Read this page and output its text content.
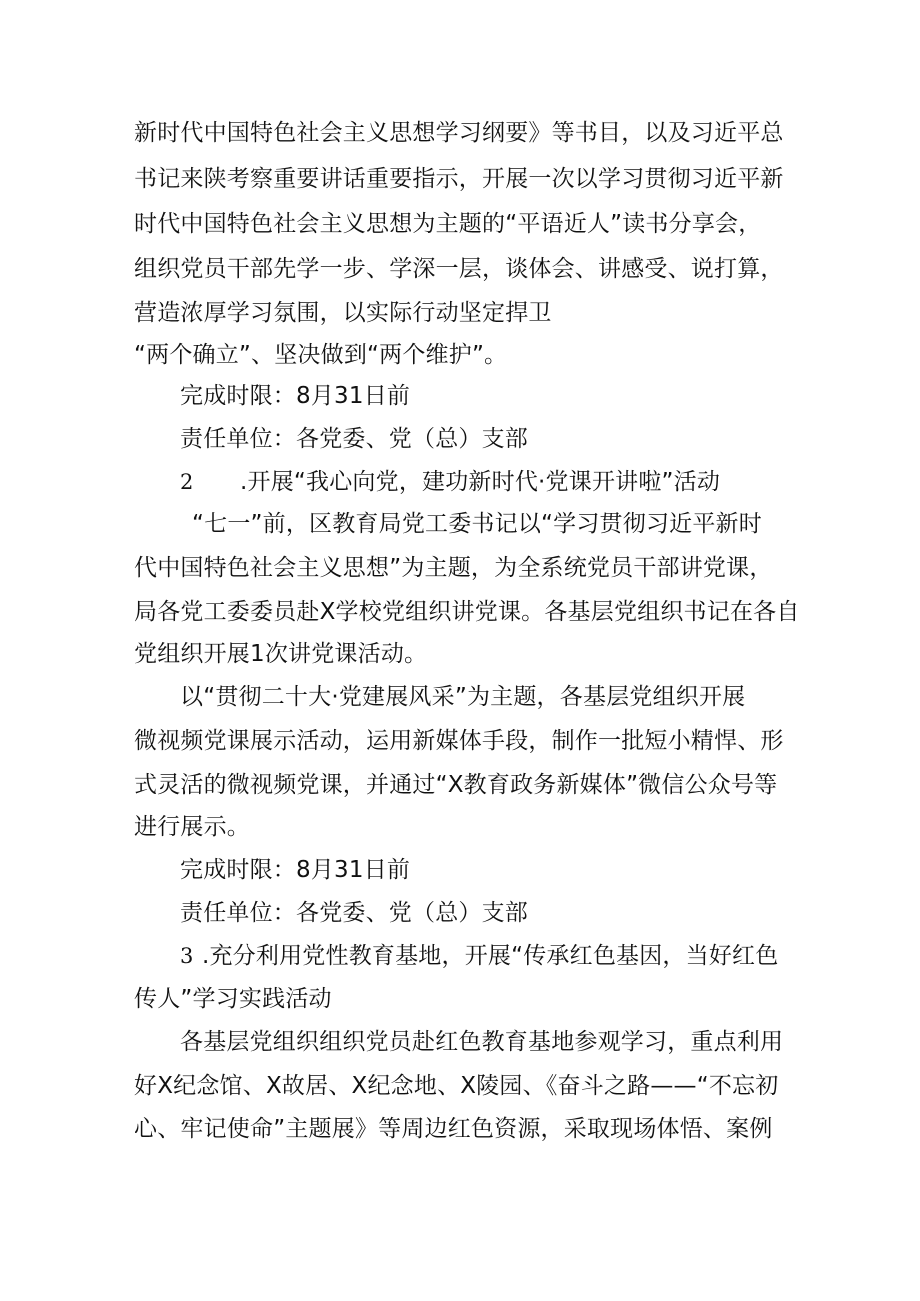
新时代中国特色社会主义思想学习纲要》等书目，以及习近平总
书记来陕考察重要讲话重要指示，开展一次以学习贯彻习近平新
时代中国特色社会主义思想为主题的“平语近人”读书分享会，
组织党员干部先学一步、学深一层，谈体会、讲感受、说打算，
营造浓厚学习氛围，以实际行动坚定捍卫
“两个确立”、坚决做到“两个维护”。
完成时限：8月31日前
责任单位：各党委、党（总）支部
2 .开展“我心向党，建功新时代·党课开讲啦”活动
“七一”前，区教育局党工委书记以“学习贯彻习近平新时
代中国特色社会主义思想”为主题，为全系统党员干部讲党课，
局各党工委委员赴X学校党组织讲党课。各基层党组织书记在各自
党组织开展1次讲党课活动。
以“贯彻二十大·党建展风采”为主题，各基层党组织开展
微视频党课展示活动，运用新媒体手段，制作一批短小精悍、形
式灵活的微视频党课，并通过“X教育政务新媒体”微信公众号等
进行展示。
完成时限：8月31日前
责任单位：各党委、党（总）支部
3 .充分利用党性教育基地，开展“传承红色基因，当好红色
传人”学习实践活动
各基层党组织组织党员赴红色教育基地参观学习，重点利用
好X纪念馆、X故居、X纪念地、X陵园、《奋斗之路——“不忘初
心、牢记使命”主题展》等周边红色资源，采取现场体悟、案例
